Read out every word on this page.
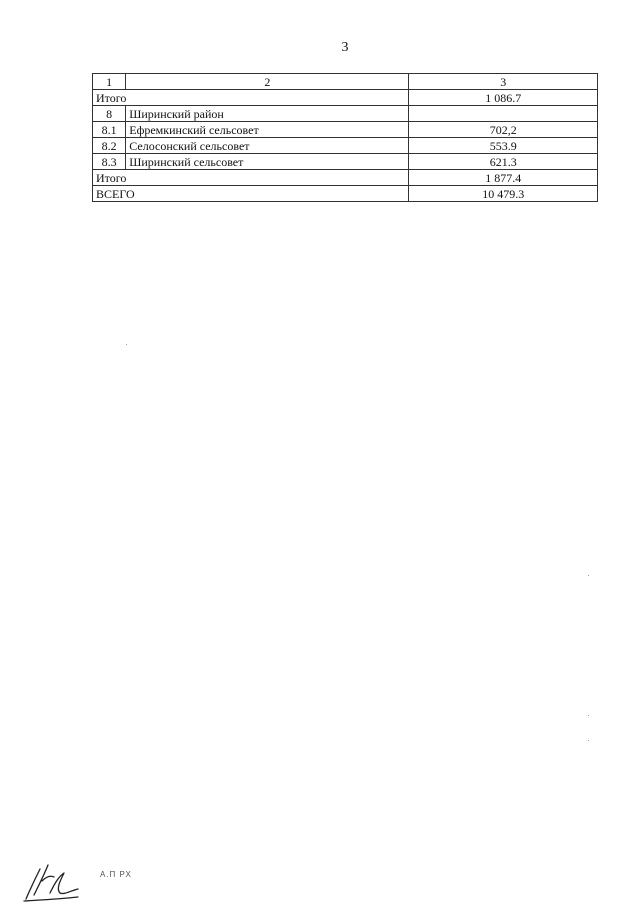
3
1	2	3
Итого		1 086.7
8	Ширинский район	
8.1	Ефремкинский сельсовет	702,2
8.2	Селосонский сельсовет	553.9
8.3	Ширинский сельсовет	621.3
Итого		1 877.4
ВСЕГО		10 479.3
А.П РХ
